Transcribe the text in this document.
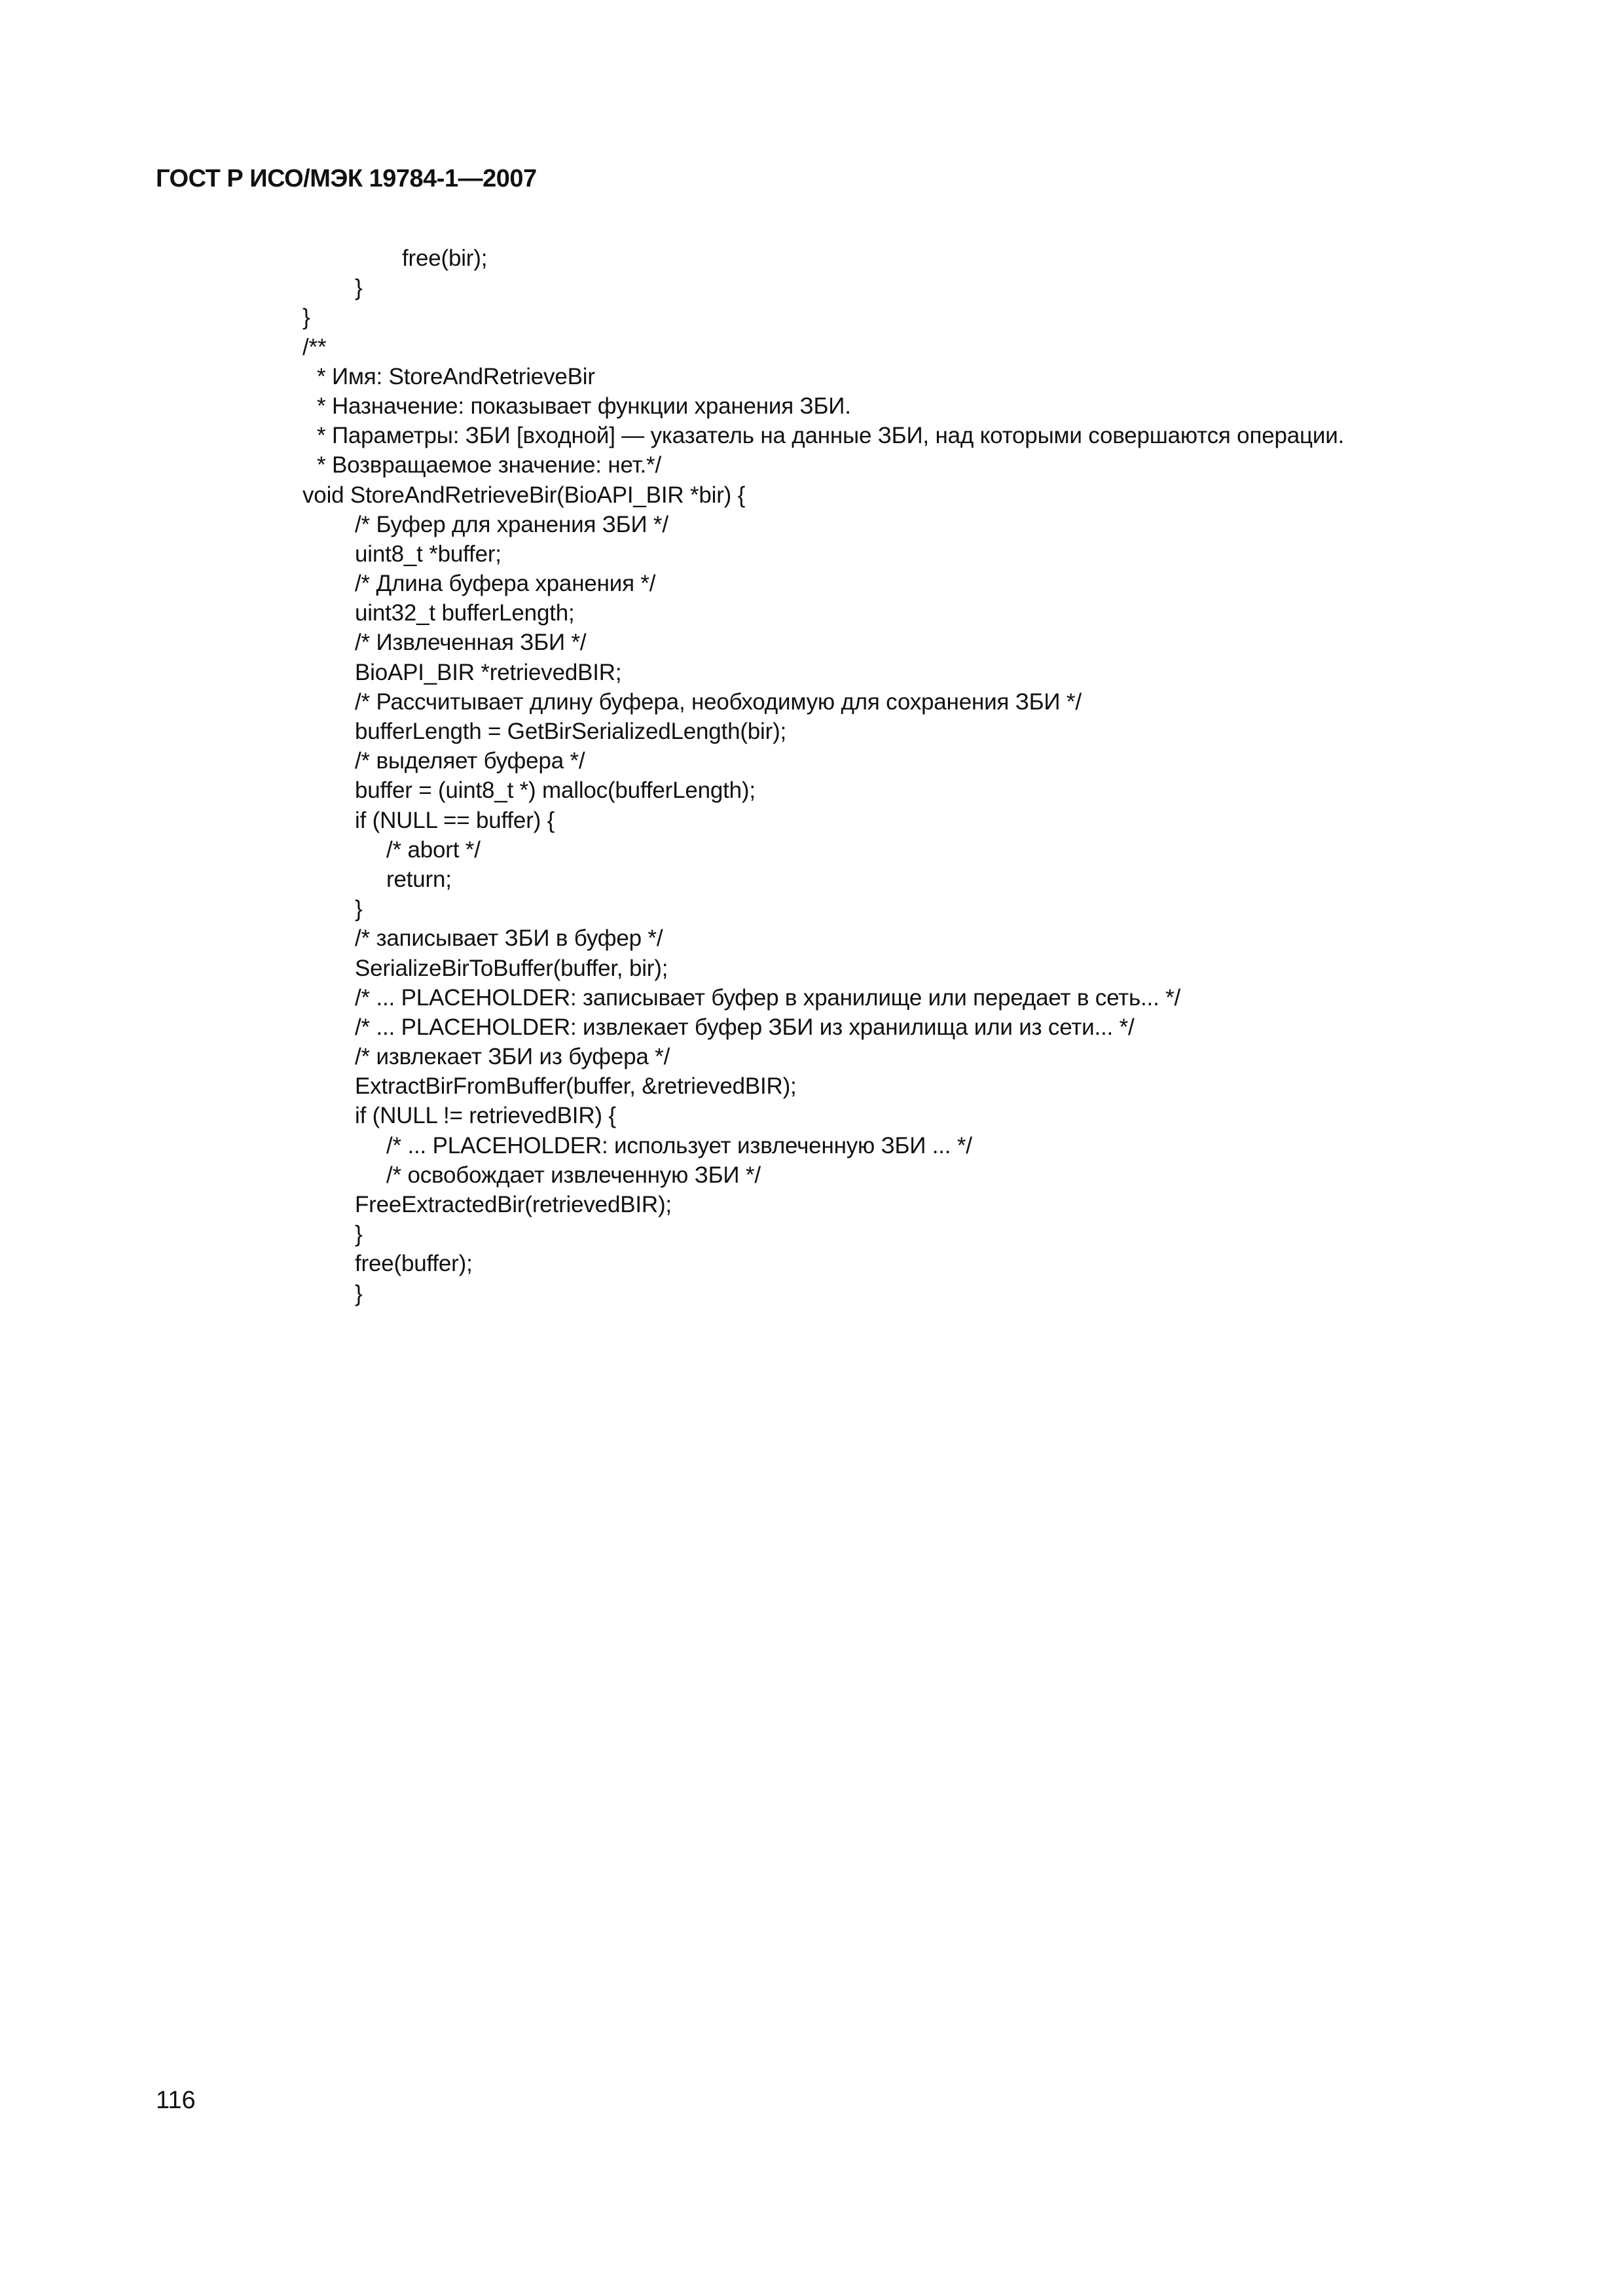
ГОСТ Р ИСО/МЭК 19784-1—2007
free(bir);
}
}
/**
* Имя: StoreAndRetrieveBir
* Назначение: показывает функции хранения ЗБИ.
* Параметры: ЗБИ [входной] — указатель на данные ЗБИ, над которыми совершаются операции.
* Возвращаемое значение: нет.*/
void StoreAndRetrieveBir(BioAPI_BIR *bir) {
/* Буфер для хранения ЗБИ */
uint8_t *buffer;
/* Длина буфера хранения */
uint32_t bufferLength;
/* Извлеченная ЗБИ */
BioAPI_BIR *retrievedBIR;
/* Рассчитывает длину буфера, необходимую для сохранения ЗБИ */
bufferLength = GetBirSerializedLength(bir);
/* выделяет буфера */
buffer = (uint8_t *) malloc(bufferLength);
if (NULL == buffer) {
/* abort */
return;
}
/* записывает ЗБИ в буфер */
SerializeBirToBuffer(buffer, bir);
/* ... PLACEHOLDER: записывает буфер в хранилище или передает в сеть... */
/* ... PLACEHOLDER: извлекает буфер ЗБИ из хранилища или из сети... */
/* извлекает ЗБИ из буфера */
ExtractBirFromBuffer(buffer, &retrievedBIR);
if (NULL != retrievedBIR) {
/* ... PLACEHOLDER: использует извлеченную ЗБИ ... */
/* освобождает извлеченную ЗБИ */
FreeExtractedBir(retrievedBIR);
}
free(buffer);
}
116
